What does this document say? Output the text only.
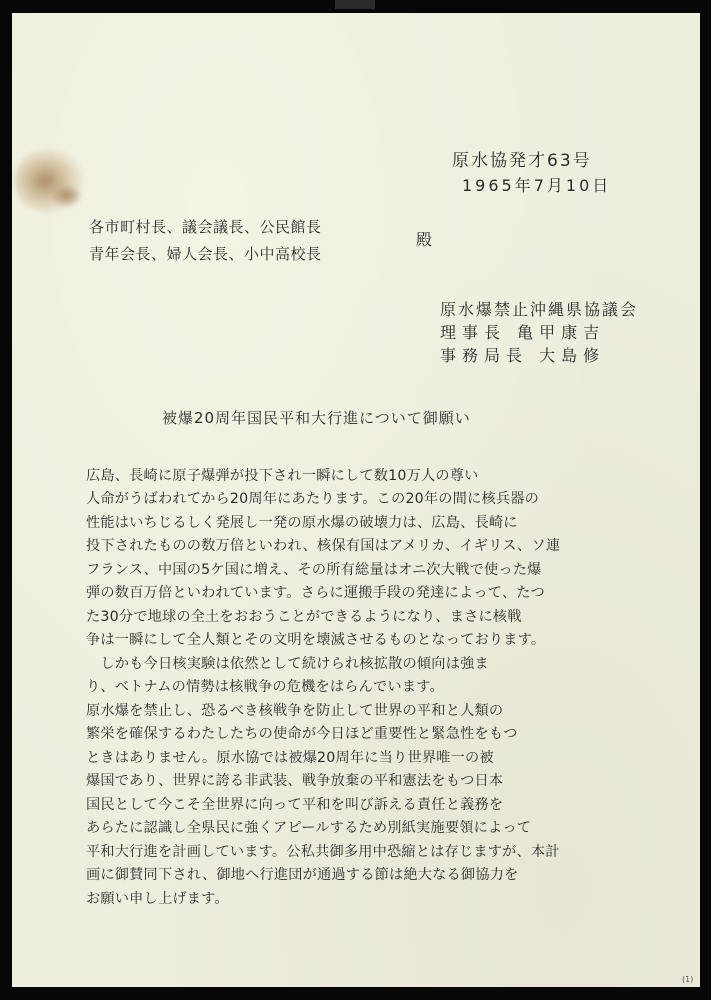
原水協発才63号
1965年7月10日
各市町村長、議会議長、公民館長
青年会長、婦人会長、小中高校長
殿
原水爆禁止沖縄県協議会
理事長 亀甲康吉
事務局長 大島修
被爆20周年国民平和大行進について御願い
広島、長崎に原子爆弾が投下され一瞬にして数10万人の尊い
人命がうばわれてから20周年にあたります。この20年の間に核兵器の
性能はいちじるしく発展し一発の原水爆の破壊力は、広島、長崎に
投下されたものの数万倍といわれ、核保有国はアメリカ、イギリス、ソ連
フランス、中国の5ケ国に増え、その所有総量はオニ次大戦で使った爆
弾の数百万倍といわれています。さらに運搬手段の発達によって、たつ
た30分で地球の全土をおおうことができるようになり、まさに核戦
争は一瞬にして全人類とその文明を壊滅させるものとなっております。
　しかも今日核実験は依然として続けられ核拡散の傾向は強ま
り、ベトナムの情勢は核戦争の危機をはらんでいます。
原水爆を禁止し、恐るべき核戦争を防止して世界の平和と人類の
繁栄を確保するわたしたちの使命が今日ほど重要性と緊急性をもつ
ときはありません。原水協では被爆20周年に当り世界唯一の被
爆国であり、世界に誇る非武装、戦争放棄の平和憲法をもつ日本
国民として今こそ全世界に向って平和を叫び訴える責任と義務を
あらたに認識し全県民に強くアピールするため別紙実施要領によって
平和大行進を計画しています。公私共御多用中恐縮とは存じますが、本計
画に御賛同下され、御地へ行進団が通過する節は絶大なる御協力を
お願い申し上げます。
(1)
